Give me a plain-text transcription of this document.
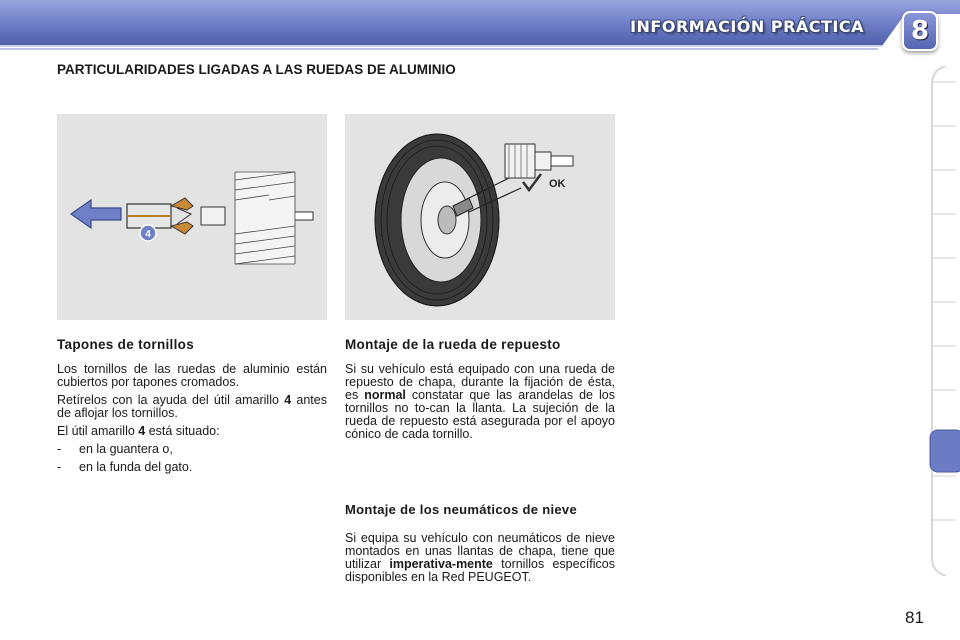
INFORMACIÓN PRÁCTICA	8
PARTICULARIDADES LIGADAS A LAS RUEDAS DE ALUMINIO
4
OK
Tapones de tornillos

Los tornillos de las ruedas de aluminio están cubiertos por tapones cromados.

Retírelos con la ayuda del útil amarillo 4 antes de aflojar los tornillos.

El útil amarillo 4 está situado:

-	en la guantera o,
-	en la funda del gato.
Montaje de la rueda de repuesto

Si su vehículo está equipado con una rueda de repuesto de chapa, durante la fijación de ésta, es normal constatar que las arandelas de los tornillos no to-can la llanta. La sujeción de la rueda de repuesto está asegurada por el apoyo cónico de cada tornillo.

Montaje de los neumáticos de nieve

Si equipa su vehículo con neumáticos de nieve montados en unas llantas de chapa, tiene que utilizar imperativa-mente tornillos específicos disponibles en la Red PEUGEOT.

81
